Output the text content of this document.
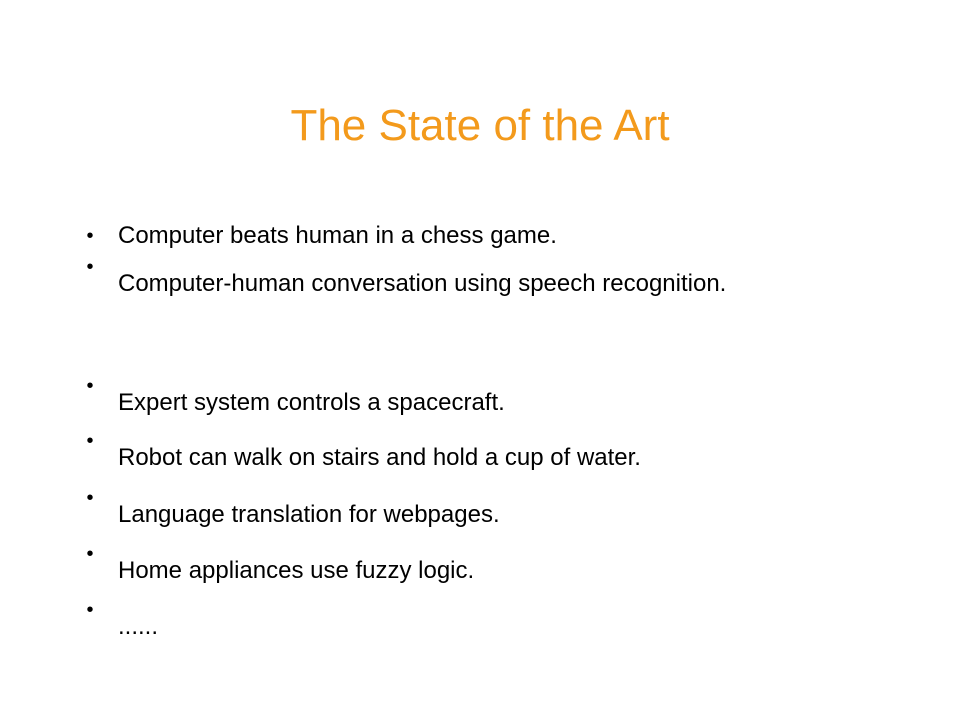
The State of the Art
• Computer beats human in a chess game.
•
Computer-human conversation using speech recognition.
•
Expert system controls a spacecraft.
•
Robot can walk on stairs and hold a cup of water.
•
Language translation for webpages.
•
Home appliances use fuzzy logic.
•
......
